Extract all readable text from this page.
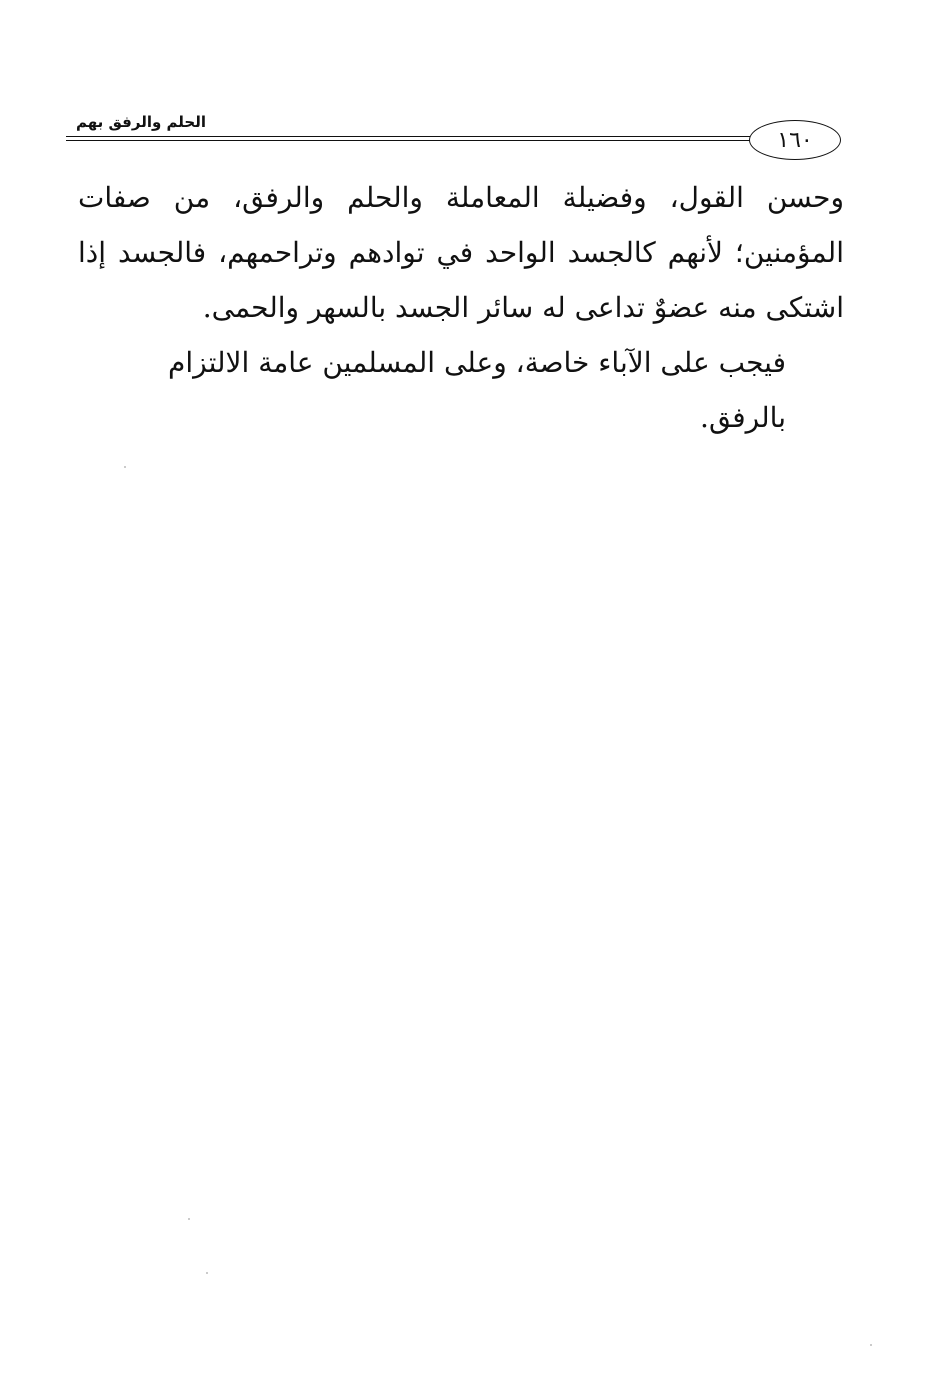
الحلم والرفق بهم
١٦٠

وحسن القول، وفضيلة المعاملة والحلم والرفق، من صفات المؤمنين؛ لأنهم كالجسد الواحد في توادهم وتراحمهم، فالجسد إذا اشتكى منه عضوٌ تداعى له سائر الجسد بالسهر والحمى.

فيجب على الآباء خاصة، وعلى المسلمين عامة الالتزام بالرفق.
